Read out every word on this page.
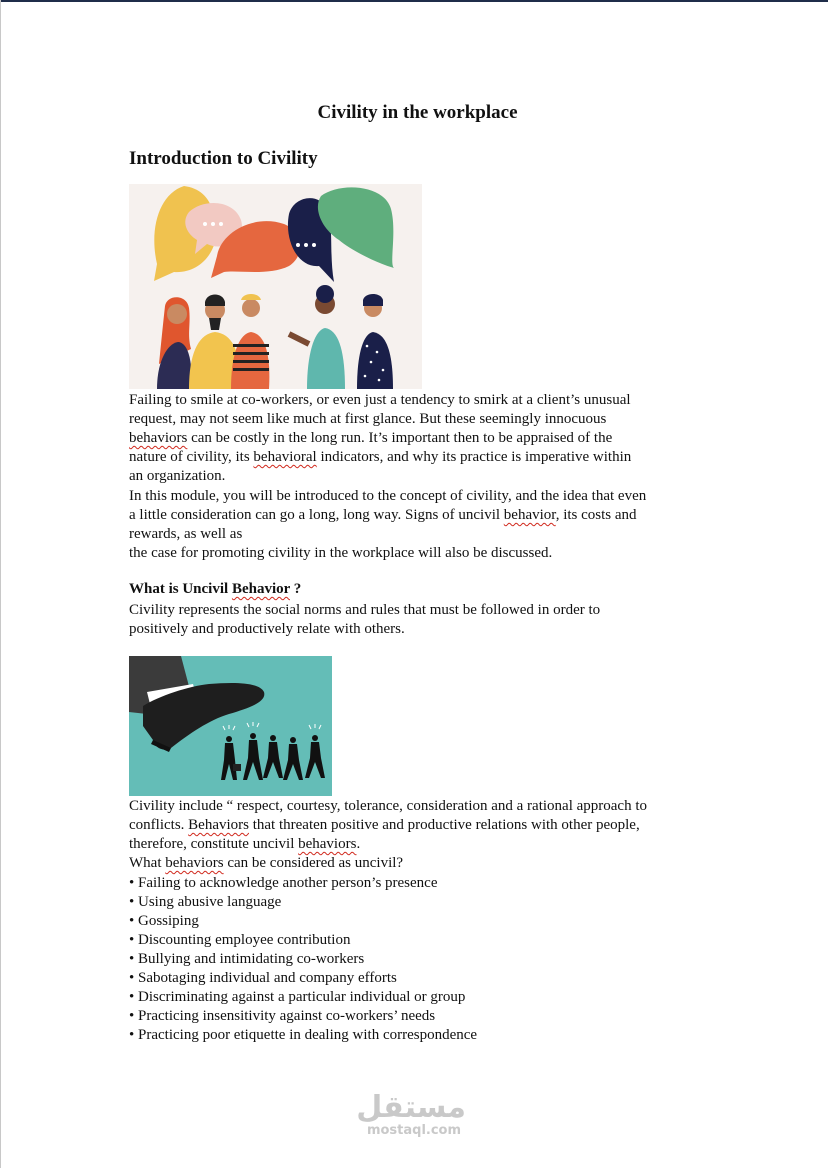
Civility in the workplace
Introduction to Civility

Failing to smile at co-workers, or even just a tendency to smirk at a client’s unusual
request, may not seem like much at first glance. But these seemingly innocuous
behaviors can be costly in the long run. It’s important then to be appraised of the
nature of civility, its behavioral indicators, and why its practice is imperative within
an organization.

In this module, you will be introduced to the concept of civility, and the idea that even
a little consideration can go a long, long way. Signs of uncivil behavior, its costs and
rewards, as well as
the case for promoting civility in the workplace will also be discussed.

What is Uncivil Behavior ?

Civility represents the social norms and rules that must be followed in order to
positively and productively relate with others.

Civility include “ respect, courtesy, tolerance, consideration and a rational approach to
conflicts. Behaviors that threaten positive and productive relations with other people,
therefore, constitute uncivil behaviors.
What behaviors can be considered as uncivil?

• Failing to acknowledge another person’s presence
• Using abusive language
• Gossiping
• Discounting employee contribution
• Bullying and intimidating co-workers
• Sabotaging individual and company efforts
• Discriminating against a particular individual or group
• Practicing insensitivity against co-workers’ needs
• Practicing poor etiquette in dealing with correspondence
مستقل
mostaql.com
